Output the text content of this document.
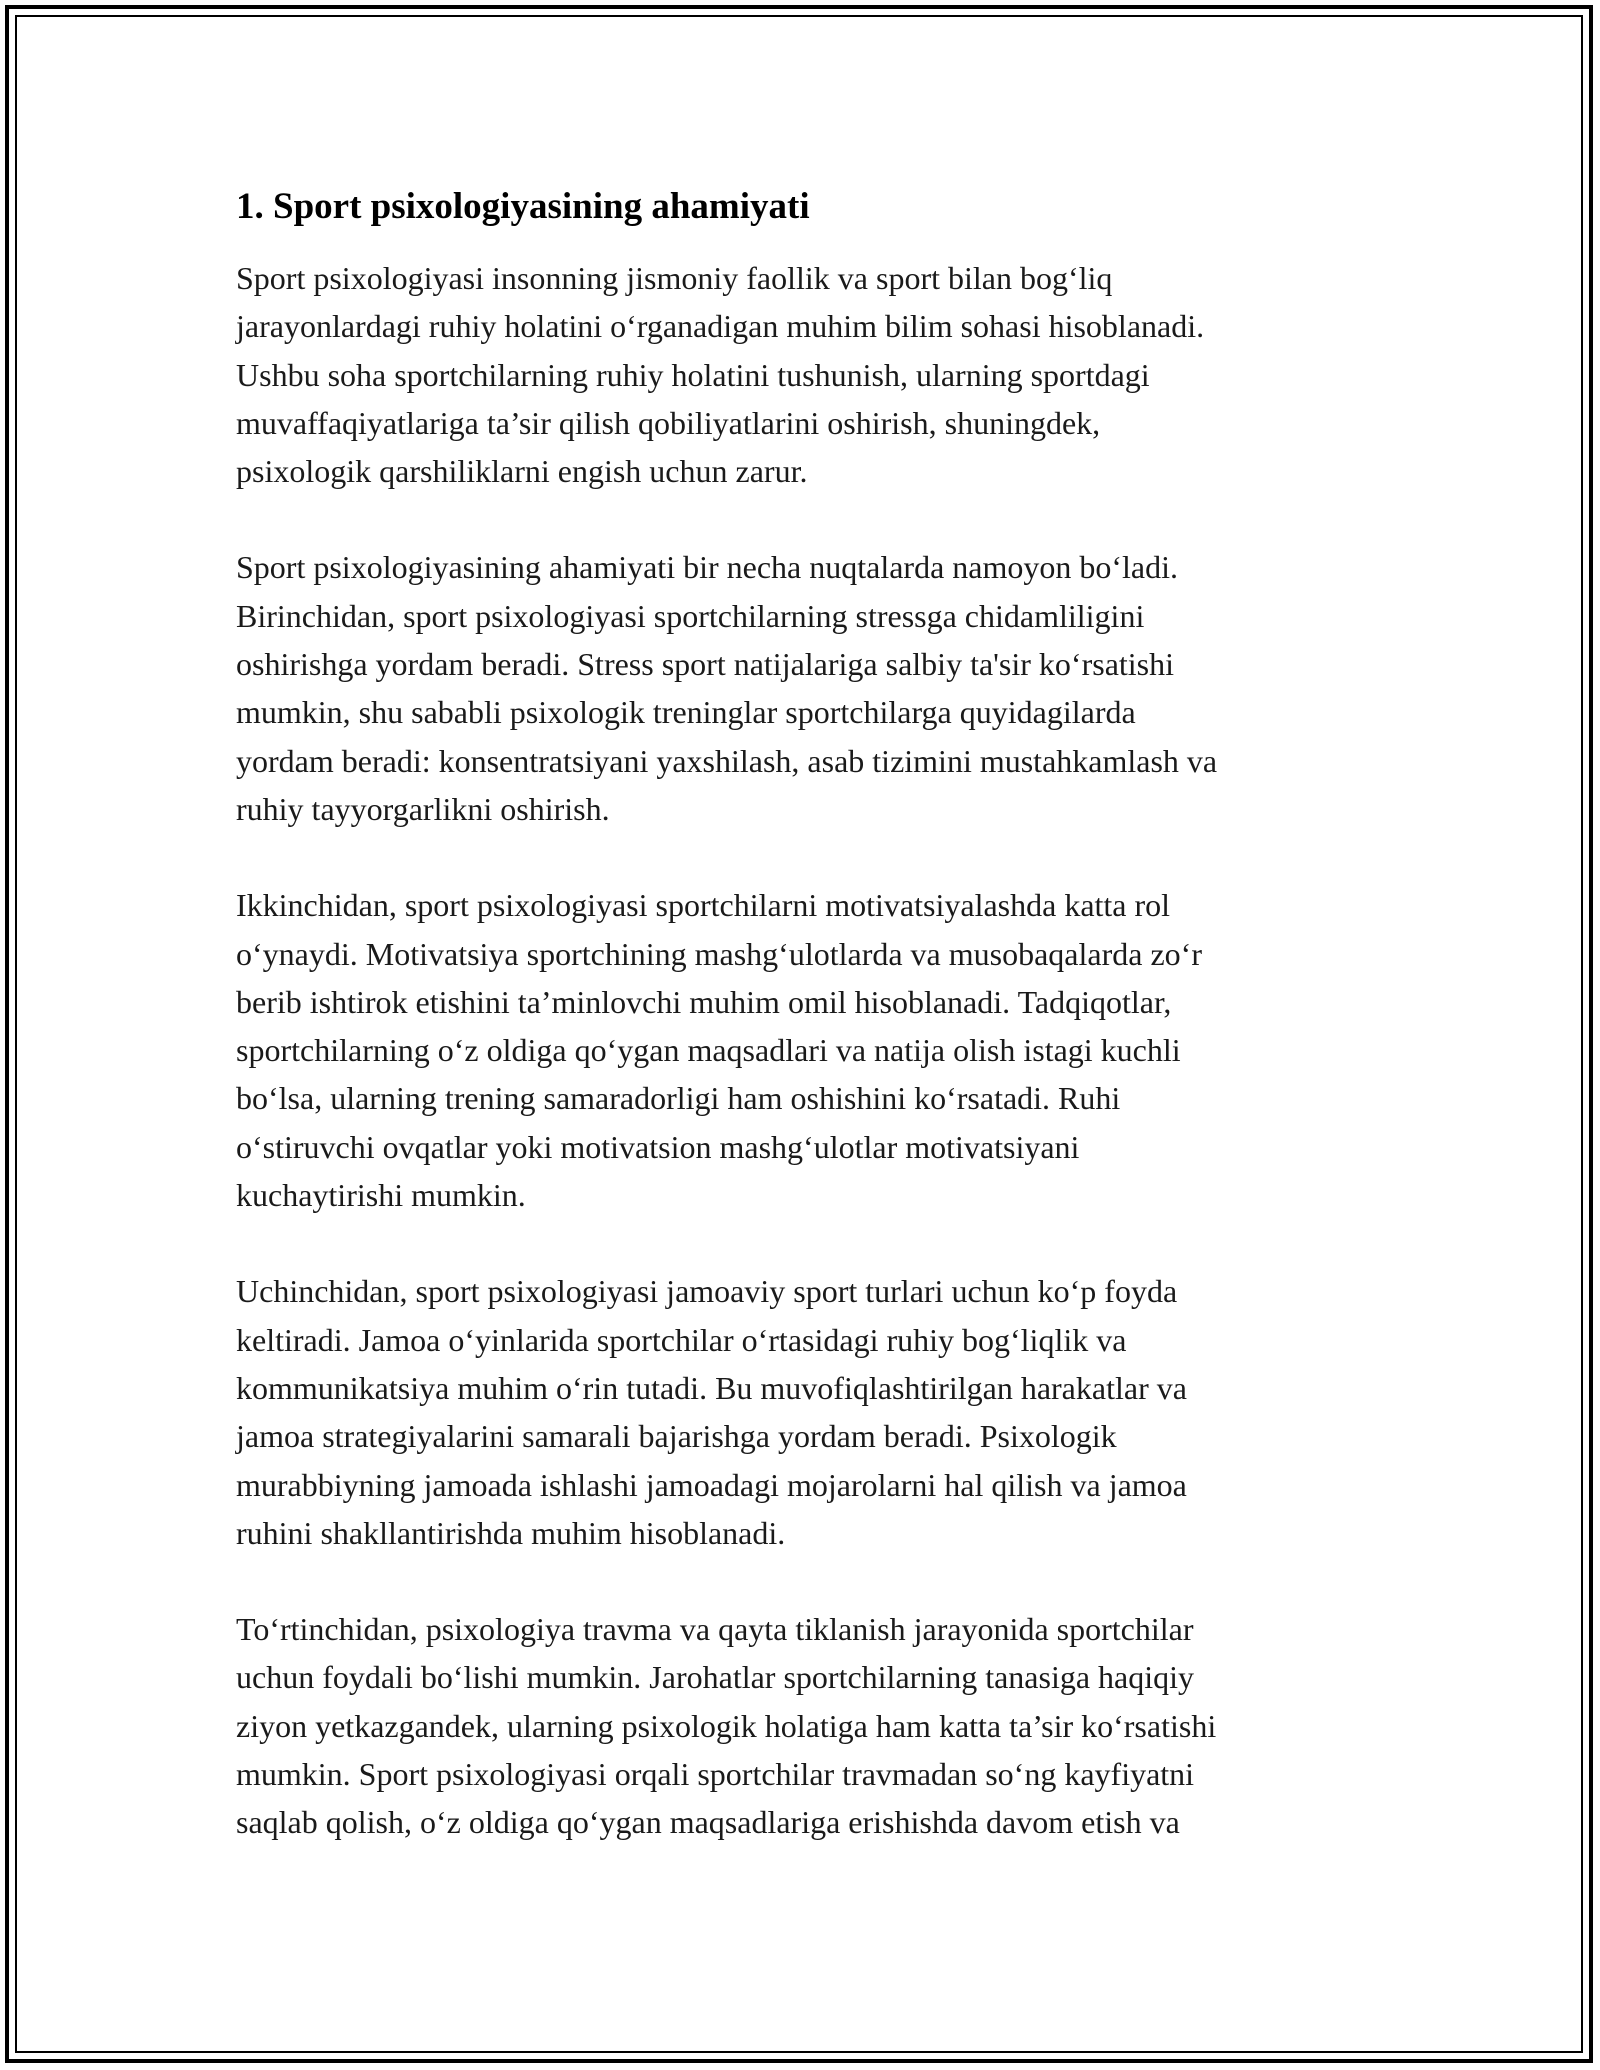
1. Sport psixologiyasining ahamiyati
Sport psixologiyasi insonning jismoniy faollik va sport bilan bog‘liq
jarayonlardagi ruhiy holatini o‘rganadigan muhim bilim sohasi hisoblanadi.
Ushbu soha sportchilarning ruhiy holatini tushunish, ularning sportdagi
muvaffaqiyatlariga ta’sir qilish qobiliyatlarini oshirish, shuningdek,
psixologik qarshiliklarni engish uchun zarur.
Sport psixologiyasining ahamiyati bir necha nuqtalarda namoyon bo‘ladi.
Birinchidan, sport psixologiyasi sportchilarning stressga chidamliligini
oshirishga yordam beradi. Stress sport natijalariga salbiy ta'sir ko‘rsatishi
mumkin, shu sababli psixologik treninglar sportchilarga quyidagilarda
yordam beradi: konsentratsiyani yaxshilash, asab tizimini mustahkamlash va
ruhiy tayyorgarlikni oshirish.
Ikkinchidan, sport psixologiyasi sportchilarni motivatsiyalashda katta rol
o‘ynaydi. Motivatsiya sportchining mashg‘ulotlarda va musobaqalarda zo‘r
berib ishtirok etishini ta’minlovchi muhim omil hisoblanadi. Tadqiqotlar,
sportchilarning o‘z oldiga qo‘ygan maqsadlari va natija olish istagi kuchli
bo‘lsa, ularning trening samaradorligi ham oshishini ko‘rsatadi. Ruhi
o‘stiruvchi ovqatlar yoki motivatsion mashg‘ulotlar motivatsiyani
kuchaytirishi mumkin.
Uchinchidan, sport psixologiyasi jamoaviy sport turlari uchun ko‘p foyda
keltiradi. Jamoa o‘yinlarida sportchilar o‘rtasidagi ruhiy bog‘liqlik va
kommunikatsiya muhim o‘rin tutadi. Bu muvofiqlashtirilgan harakatlar va
jamoa strategiyalarini samarali bajarishga yordam beradi. Psixologik
murabbiyning jamoada ishlashi jamoadagi mojarolarni hal qilish va jamoa
ruhini shakllantirishda muhim hisoblanadi.
To‘rtinchidan, psixologiya travma va qayta tiklanish jarayonida sportchilar
uchun foydali bo‘lishi mumkin. Jarohatlar sportchilarning tanasiga haqiqiy
ziyon yetkazgandek, ularning psixologik holatiga ham katta ta’sir ko‘rsatishi
mumkin. Sport psixologiyasi orqali sportchilar travmadan so‘ng kayfiyatni
saqlab qolish, o‘z oldiga qo‘ygan maqsadlariga erishishda davom etish va
